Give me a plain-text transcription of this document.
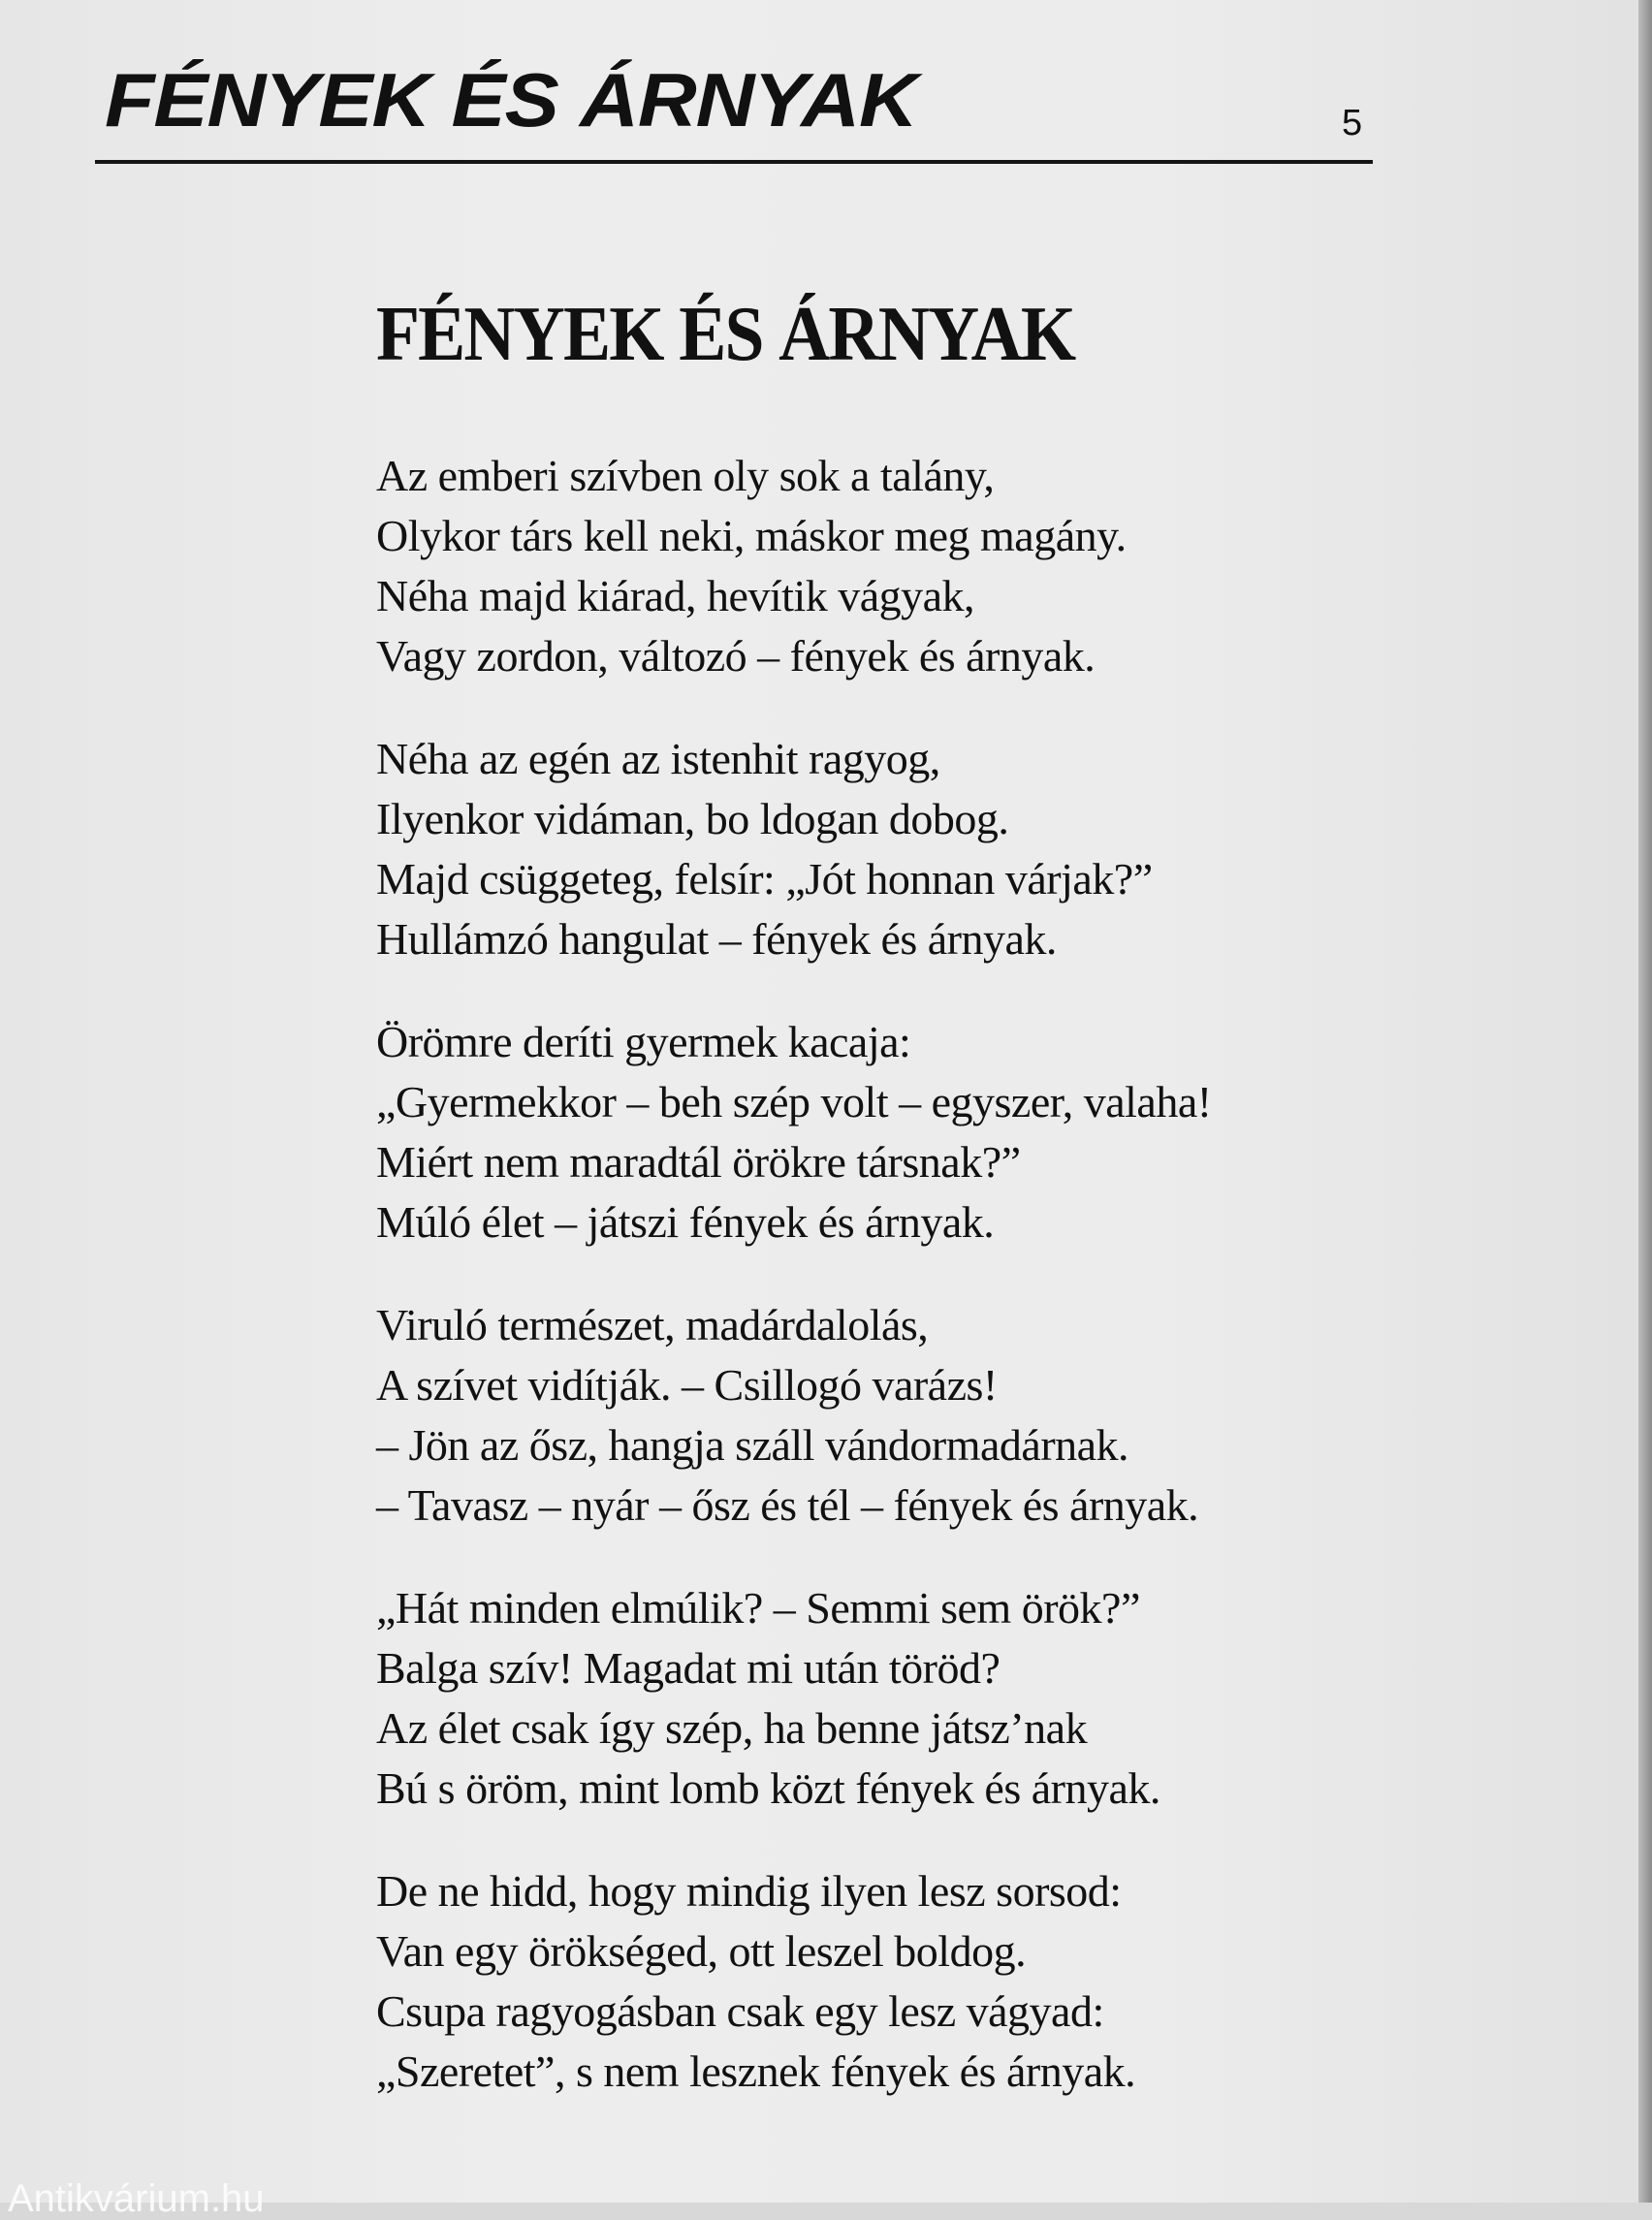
FÉNYEK ÉS ÁRNYAK	5
FÉNYEK ÉS ÁRNYAK
Az emberi szívben oly sok a talány,
Olykor társ kell neki, máskor meg magány.
Néha majd kiárad, hevítik vágyak,
Vagy zordon, változó – fények és árnyak.
Néha az egén az istenhit ragyog,
Ilyenkor vidáman, bo ldogan dobog.
Majd csüggeteg, felsír: „Jót honnan várjak?”
Hullámzó hangulat – fények és árnyak.
Örömre deríti gyermek kacaja:
„Gyermekkor – beh szép volt – egyszer, valaha!
Miért nem maradtál örökre társnak?”
Múló élet – játszi fények és árnyak.
Viruló természet, madárdalolás,
A szívet vidítják. – Csillogó varázs!
– Jön az ősz, hangja száll vándormadárnak.
– Tavasz – nyár – ősz és tél – fények és árnyak.
„Hát minden elmúlik? – Semmi sem örök?”
Balga szív! Magadat mi után töröd?
Az élet csak így szép, ha benne játsz’nak
Bú s öröm, mint lomb közt fények és árnyak.
De ne hidd, hogy mindig ilyen lesz sorsod:
Van egy örökséged, ott leszel boldog.
Csupa ragyogásban csak egy lesz vágyad:
„Szeretet”, s nem lesznek fények és árnyak.
Antikvárium.hu
